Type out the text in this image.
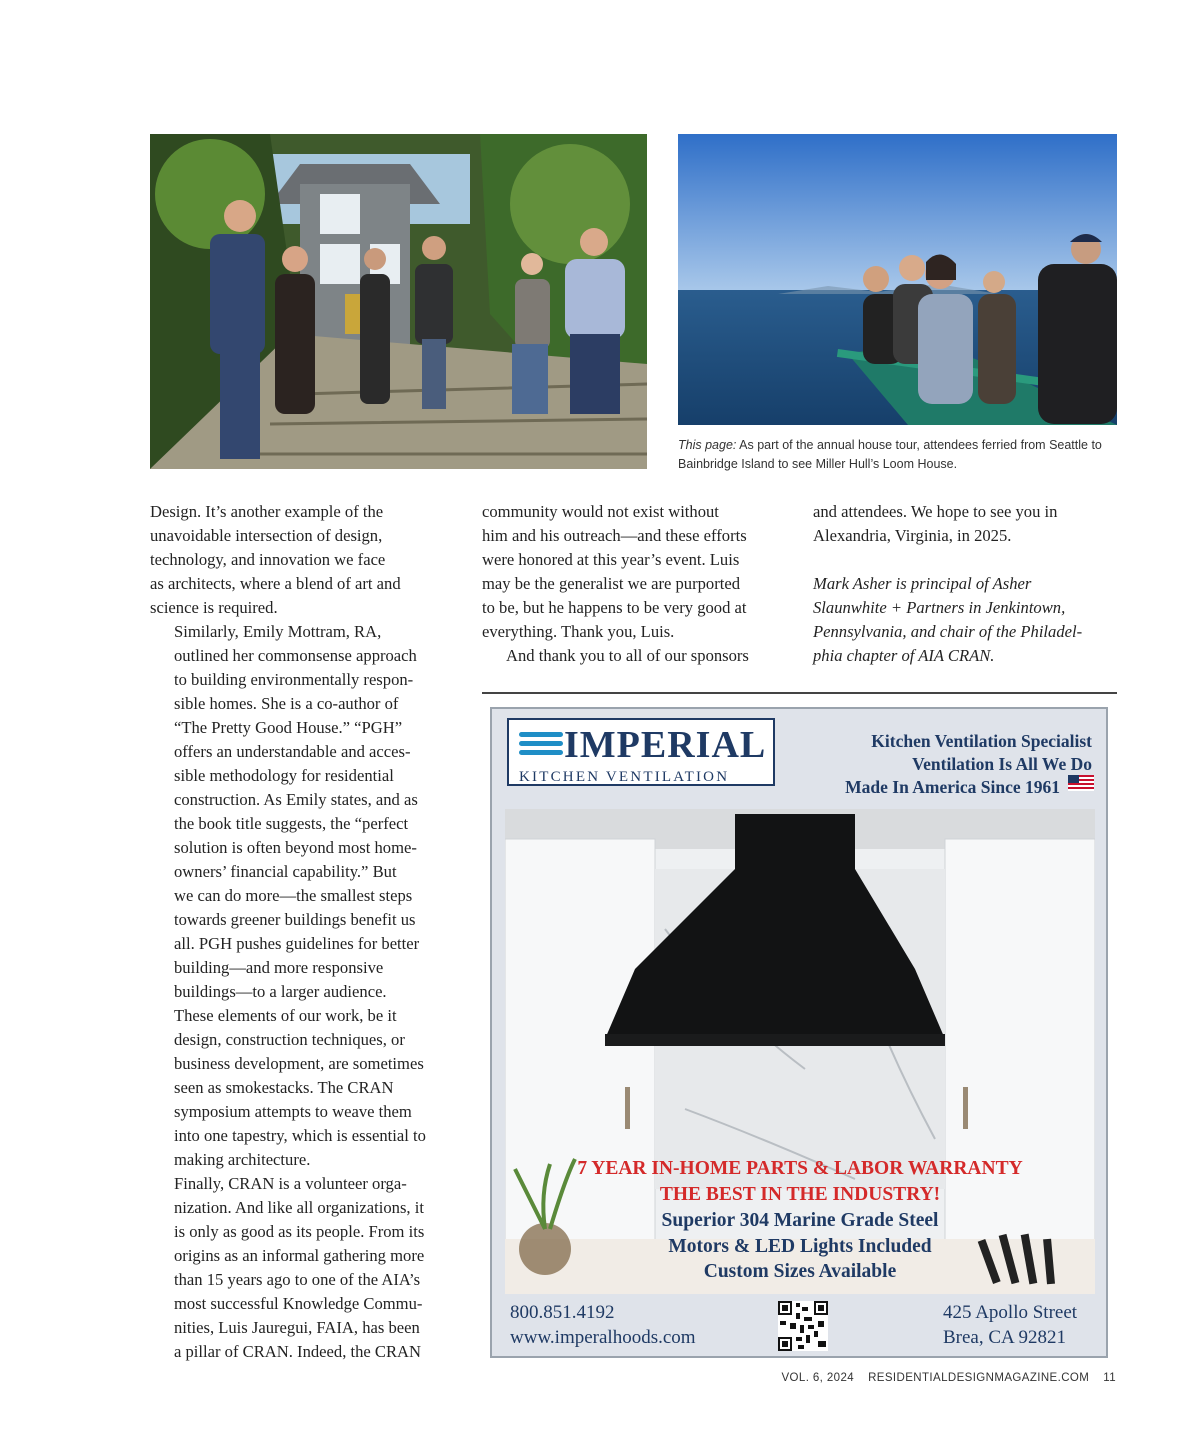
This page: As part of the annual house tour, attendees ferried from Seattle to Bainbridge Island to see Miller Hull’s Loom House.

Design. It’s another example of the
unavoidable intersection of design,
technology, and innovation we face
as architects, where a blend of art and
science is required.

Similarly, Emily Mottram, RA,
outlined her commonsense approach
to building environmentally respon-
sible homes. She is a co-author of
“The Pretty Good House.” “PGH”
offers an understandable and acces-
sible methodology for residential
construction. As Emily states, and as
the book title suggests, the “perfect
solution is often beyond most home-
owners’ financial capability.” But
we can do more—the smallest steps
towards greener buildings benefit us
all. PGH pushes guidelines for better
building—and more responsive
buildings—to a larger audience.

These elements of our work, be it
design, construction techniques, or
business development, are sometimes
seen as smokestacks. The CRAN
symposium attempts to weave them
into one tapestry, which is essential to
making architecture.

Finally, CRAN is a volunteer orga-
nization. And like all organizations, it
is only as good as its people. From its
origins as an informal gathering more
than 15 years ago to one of the AIA’s
most successful Knowledge Commu-
nities, Luis Jauregui, FAIA, has been
a pillar of CRAN. Indeed, the CRAN

community would not exist without
him and his outreach—and these efforts
were honored at this year’s event. Luis
may be the generalist we are purported
to be, but he happens to be very good at
everything. Thank you, Luis.

And thank you to all of our sponsors

and attendees. We hope to see you in
Alexandria, Virginia, in 2025.

Mark Asher is principal of Asher
Slaunwhite + Partners in Jenkintown,
Pennsylvania, and chair of the Philadel-
phia chapter of AIA CRAN.

IMPERIAL
KITCHEN VENTILATION
Kitchen Ventilation Specialist
Ventilation Is All We Do
Made In America Since 1961
7 YEAR IN-HOME PARTS & LABOR WARRANTY
THE BEST IN THE INDUSTRY!
Superior 304 Marine Grade Steel
Motors & LED Lights Included
Custom Sizes Available
800.851.4192
www.imperalhoods.com
425 Apollo Street
Brea, CA 92821
VOL. 6, 2024 RESIDENTIALDESIGNMAGAZINE.COM 11
